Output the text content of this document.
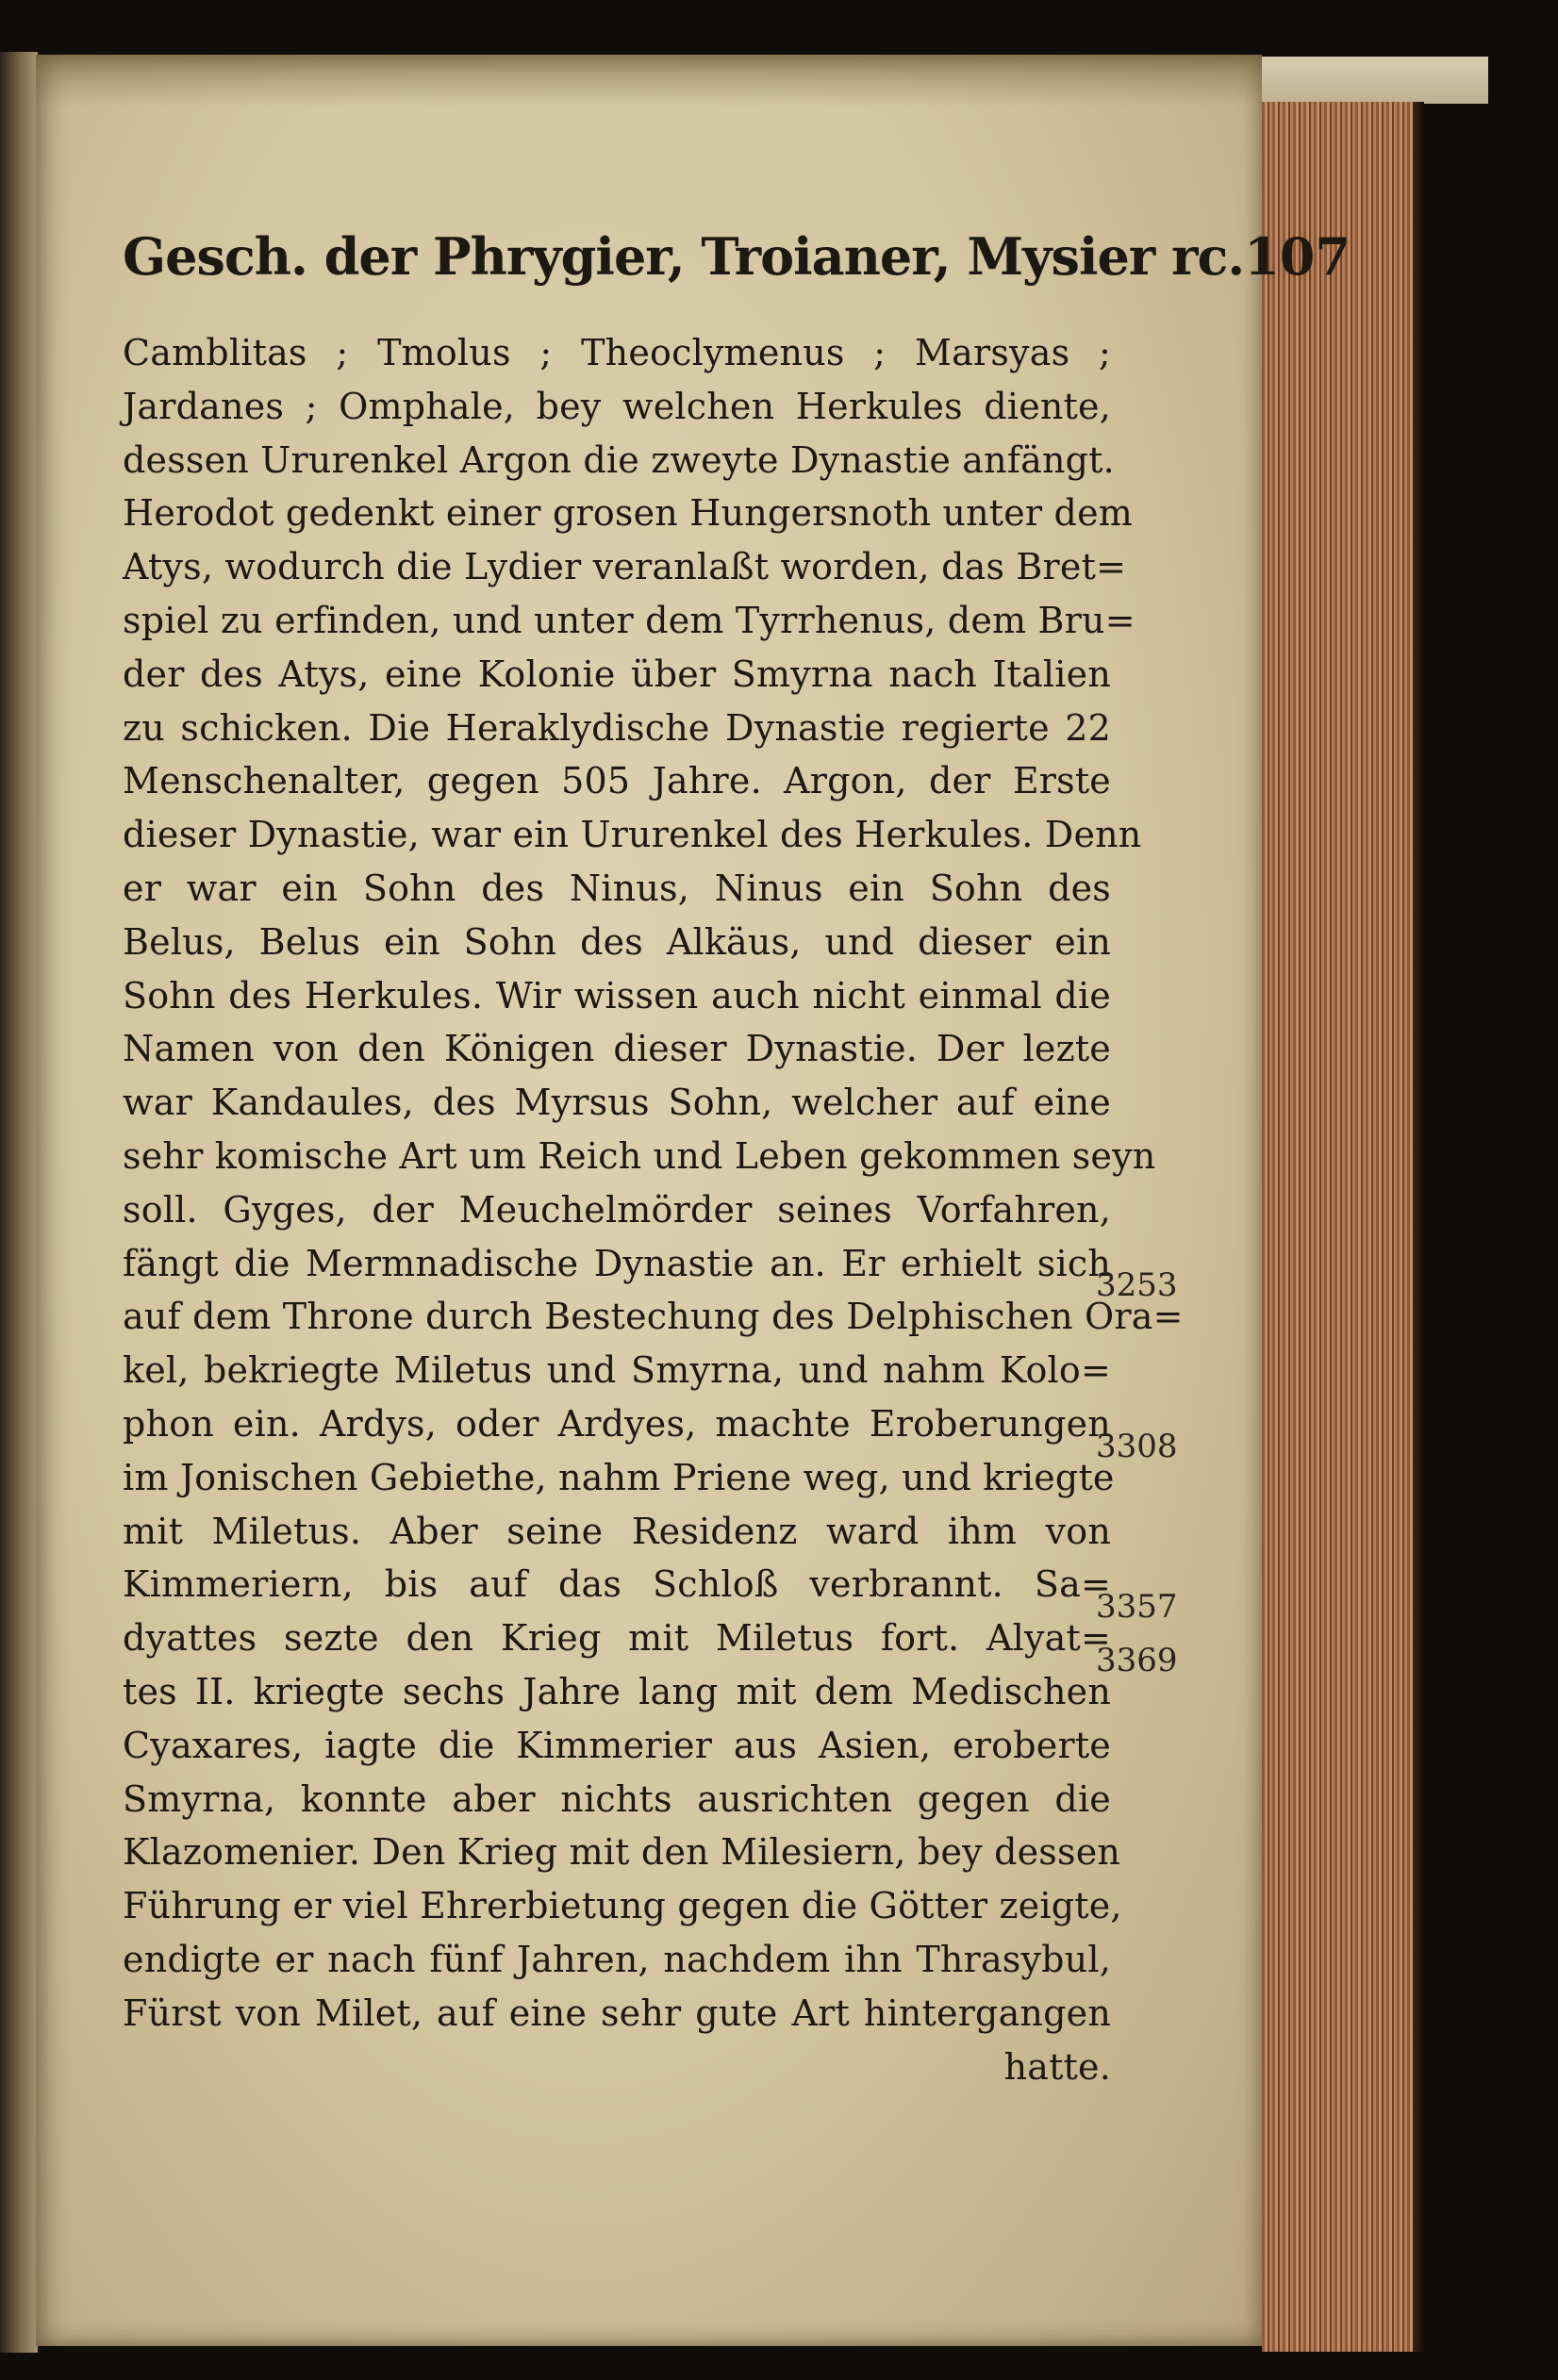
Gesch. der Phrygier, Troianer, Mysier rc. 107
Camblitas ; Tmolus ; Theoclymenus ; Marsyas ;
Jardanes ; Omphale, bey welchen Herkules diente,
dessen Ururenkel Argon die zweyte Dynastie anfängt.
Herodot gedenkt einer grosen Hungersnoth unter dem
Atys, wodurch die Lydier veranlaßt worden, das Bret=
spiel zu erfinden, und unter dem Tyrrhenus, dem Bru=
der des Atys, eine Kolonie über Smyrna nach Italien
zu schicken. Die Heraklydische Dynastie regierte 22
Menschenalter, gegen 505 Jahre. Argon, der Erste
dieser Dynastie, war ein Ururenkel des Herkules. Denn
er war ein Sohn des Ninus, Ninus ein Sohn des
Belus, Belus ein Sohn des Alkäus, und dieser ein
Sohn des Herkules. Wir wissen auch nicht einmal die
Namen von den Königen dieser Dynastie. Der lezte
war Kandaules, des Myrsus Sohn, welcher auf eine
sehr komische Art um Reich und Leben gekommen seyn
soll. Gyges, der Meuchelmörder seines Vorfahren,
fängt die Mermnadische Dynastie an. Er erhielt sich
auf dem Throne durch Bestechung des Delphischen Ora=
kel, bekriegte Miletus und Smyrna, und nahm Kolo=
phon ein. Ardys, oder Ardyes, machte Eroberungen
im Jonischen Gebiethe, nahm Priene weg, und kriegte
mit Miletus. Aber seine Residenz ward ihm von
Kimmeriern, bis auf das Schloß verbrannt. Sa=
dyattes sezte den Krieg mit Miletus fort. Alyat=
tes II. kriegte sechs Jahre lang mit dem Medischen
Cyaxares, iagte die Kimmerier aus Asien, eroberte
Smyrna, konnte aber nichts ausrichten gegen die
Klazomenier. Den Krieg mit den Milesiern, bey dessen
Führung er viel Ehrerbietung gegen die Götter zeigte,
endigte er nach fünf Jahren, nachdem ihn Thrasybul,
Fürst von Milet, auf eine sehr gute Art hintergangen
hatte.
3253
3308
3357
3369
